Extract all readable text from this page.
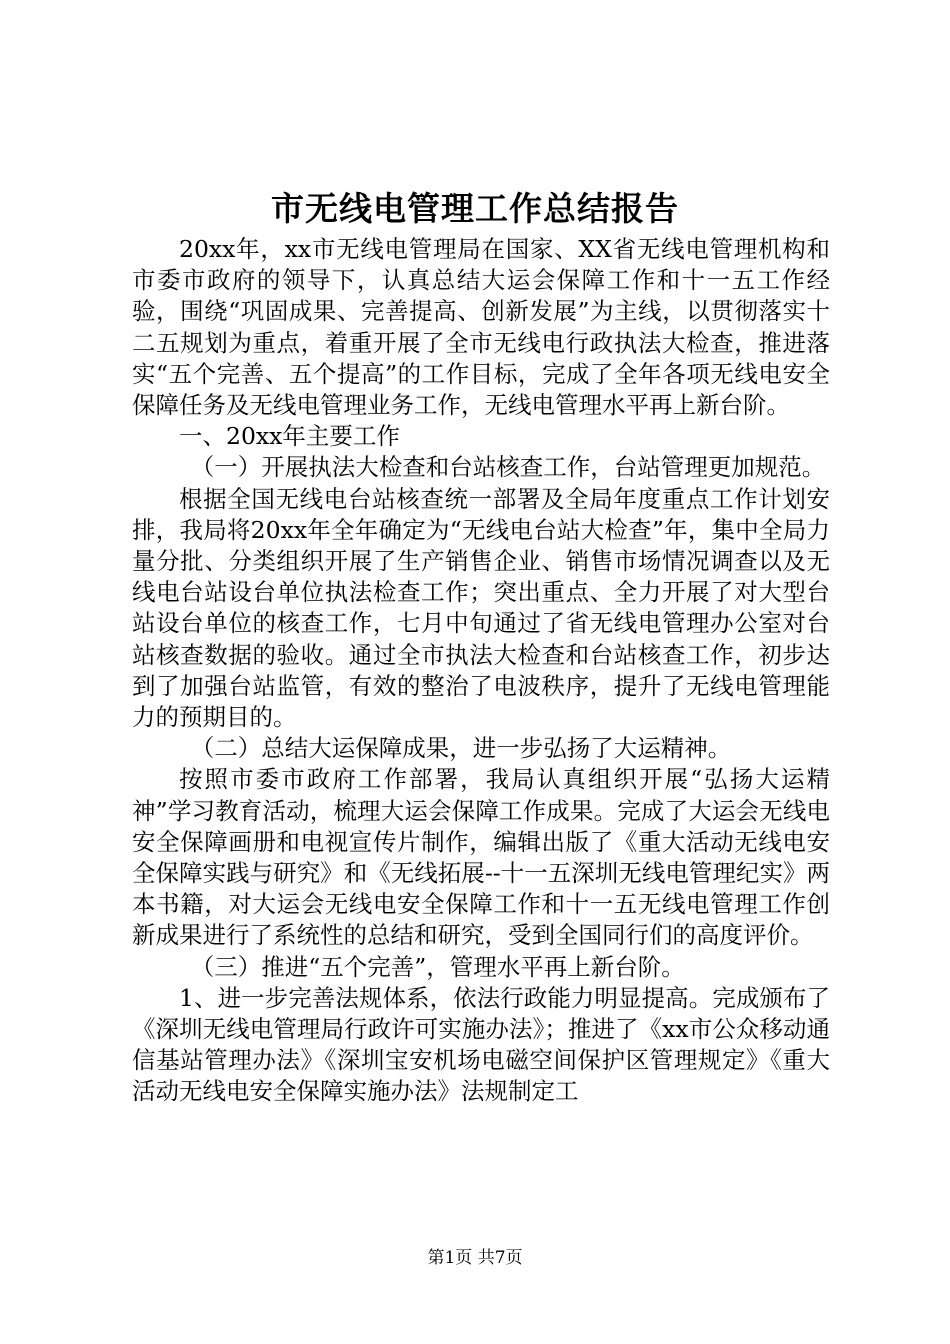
市无线电管理工作总结报告

20xx年，xx市无线电管理局在国家、XX省无线电管理机构和市委市政府的领导下，认真总结大运会保障工作和十一五工作经验，围绕“巩固成果、完善提高、创新发展”为主线，以贯彻落实十二五规划为重点，着重开展了全市无线电行政执法大检查，推进落实“五个完善、五个提高”的工作目标，完成了全年各项无线电安全保障任务及无线电管理业务工作，无线电管理水平再上新台阶。

一、20xx年主要工作

（一）开展执法大检查和台站核查工作，台站管理更加规范。

根据全国无线电台站核查统一部署及全局年度重点工作计划安排，我局将20xx年全年确定为“无线电台站大检查”年，集中全局力量分批、分类组织开展了生产销售企业、销售市场情况调查以及无线电台站设台单位执法检查工作；突出重点、全力开展了对大型台站设台单位的核查工作，七月中旬通过了省无线电管理办公室对台站核查数据的验收。通过全市执法大检查和台站核查工作，初步达到了加强台站监管，有效的整治了电波秩序，提升了无线电管理能力的预期目的。

（二）总结大运保障成果，进一步弘扬了大运精神。

按照市委市政府工作部署，我局认真组织开展“弘扬大运精神”学习教育活动，梳理大运会保障工作成果。完成了大运会无线电安全保障画册和电视宣传片制作，编辑出版了《重大活动无线电安全保障实践与研究》和《无线拓展--十一五深圳无线电管理纪实》两本书籍，对大运会无线电安全保障工作和十一五无线电管理工作创新成果进行了系统性的总结和研究，受到全国同行们的高度评价。

（三）推进“五个完善”，管理水平再上新台阶。

1、进一步完善法规体系，依法行政能力明显提高。完成颁布了《深圳无线电管理局行政许可实施办法》；推进了《xx市公众移动通信基站管理办法》《深圳宝安机场电磁空间保护区管理规定》《重大活动无线电安全保障实施办法》法规制定工

第1页 共7页
